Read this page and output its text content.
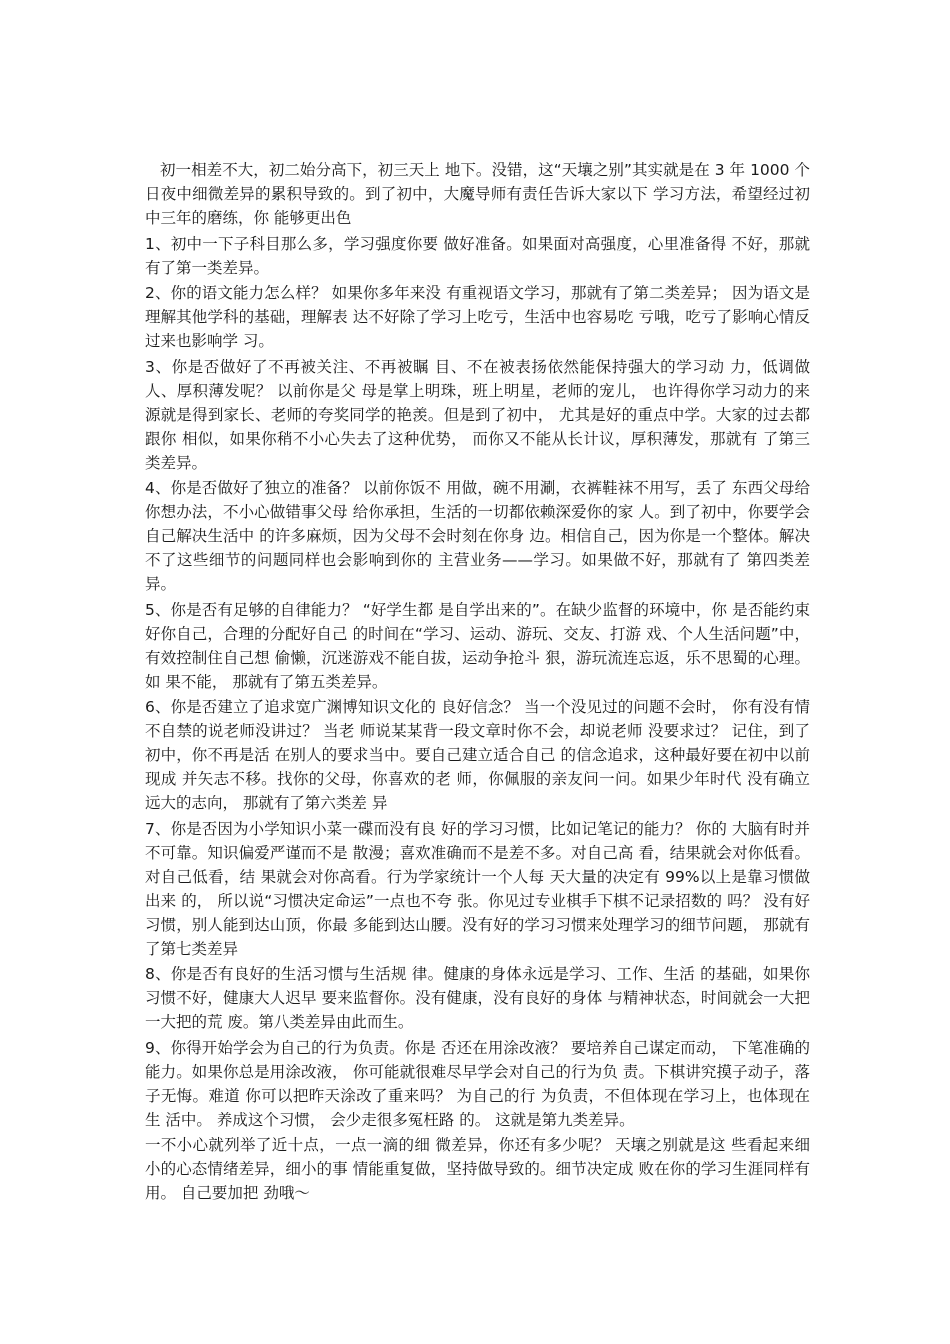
初一相差不大，初二始分高下，初三天上 地下。没错，这“天壤之别”其实就是在 3 年 1000 个日夜中细微差异的累积导致的。到了初中，大魔导师有责任告诉大家以下 学习方法，希望经过初中三年的磨练，你 能够更出色

1、初中一下子科目那么多，学习强度你要 做好准备。如果面对高强度，心里准备得 不好，那就有了第一类差异。

2、你的语文能力怎么样？ 如果你多年来没 有重视语文学习，那就有了第二类差异； 因为语文是理解其他学科的基础，理解表 达不好除了学习上吃亏，生活中也容易吃 亏哦，吃亏了影响心情反过来也影响学 习。

3、你是否做好了不再被关注、不再被瞩 目、不在被表扬依然能保持强大的学习动 力，低调做人、厚积薄发呢？ 以前你是父 母是掌上明珠，班上明星，老师的宠儿， 也许得你学习动力的来源就是得到家长、老师的夸奖同学的艳羡。但是到了初中， 尤其是好的重点中学。大家的过去都跟你 相似，如果你稍不小心失去了这种优势， 而你又不能从长计议，厚积薄发，那就有 了第三类差异。

4、你是否做好了独立的准备？ 以前你饭不 用做，碗不用涮，衣裤鞋袜不用写，丢了 东西父母给你想办法，不小心做错事父母 给你承担，生活的一切都依赖深爱你的家 人。到了初中，你要学会自己解决生活中 的许多麻烦，因为父母不会时刻在你身 边。相信自己，因为你是一个整体。解决 不了这些细节的问题同样也会影响到你的 主营业务——学习。如果做不好，那就有了 第四类差异。

5、你是否有足够的自律能力？ “好学生都 是自学出来的”。在缺少监督的环境中，你 是否能约束好你自己，合理的分配好自己 的时间在“学习、运动、游玩、交友、打游 戏、个人生活问题”中，有效控制住自己想 偷懒，沉迷游戏不能自拔，运动争抢斗 狠，游玩流连忘返，乐不思蜀的心理。如 果不能， 那就有了第五类差异。

6、你是否建立了追求宽广渊博知识文化的 良好信念？ 当一个没见过的问题不会时， 你有没有情不自禁的说老师没讲过？ 当老 师说某某背一段文章时你不会，却说老师 没要求过？ 记住，到了初中，你不再是活 在别人的要求当中。要自己建立适合自己 的信念追求，这种最好要在初中以前现成 并矢志不移。找你的父母，你喜欢的老 师，你佩服的亲友问一问。如果少年时代 没有确立远大的志向， 那就有了第六类差 异

7、你是否因为小学知识小菜一碟而没有良 好的学习习惯，比如记笔记的能力？ 你的 大脑有时并不可靠。知识偏爱严谨而不是 散漫；喜欢准确而不是差不多。对自己高 看，结果就会对你低看。对自己低看，结 果就会对你高看。行为学家统计一个人每 天大量的决定有 99%以上是靠习惯做出来 的， 所以说“习惯决定命运”一点也不夸 张。你见过专业棋手下棋不记录招数的 吗？ 没有好习惯，别人能到达山顶，你最 多能到达山腰。没有好的学习习惯来处理学习的细节问题， 那就有了第七类差异

8、你是否有良好的生活习惯与生活规 律。健康的身体永远是学习、工作、生活 的基础，如果你习惯不好，健康大人迟早 要来监督你。没有健康，没有良好的身体 与精神状态，时间就会一大把一大把的荒 废。第八类差异由此而生。

9、你得开始学会为自己的行为负责。你是 否还在用涂改液？ 要培养自己谋定而动， 下笔准确的能力。如果你总是用涂改液， 你可能就很难尽早学会对自己的行为负 责。下棋讲究摸子动子，落子无悔。难道 你可以把昨天涂改了重来吗？ 为自己的行 为负责，不但体现在学习上，也体现在生 活中。 养成这个习惯， 会少走很多冤枉路 的。 这就是第九类差异。

一不小心就列举了近十点，一点一滴的细 微差异，你还有多少呢？ 天壤之别就是这 些看起来细小的心态情绪差异，细小的事 情能重复做，坚持做导致的。细节决定成 败在你的学习生涯同样有用。 自己要加把 劲哦～
